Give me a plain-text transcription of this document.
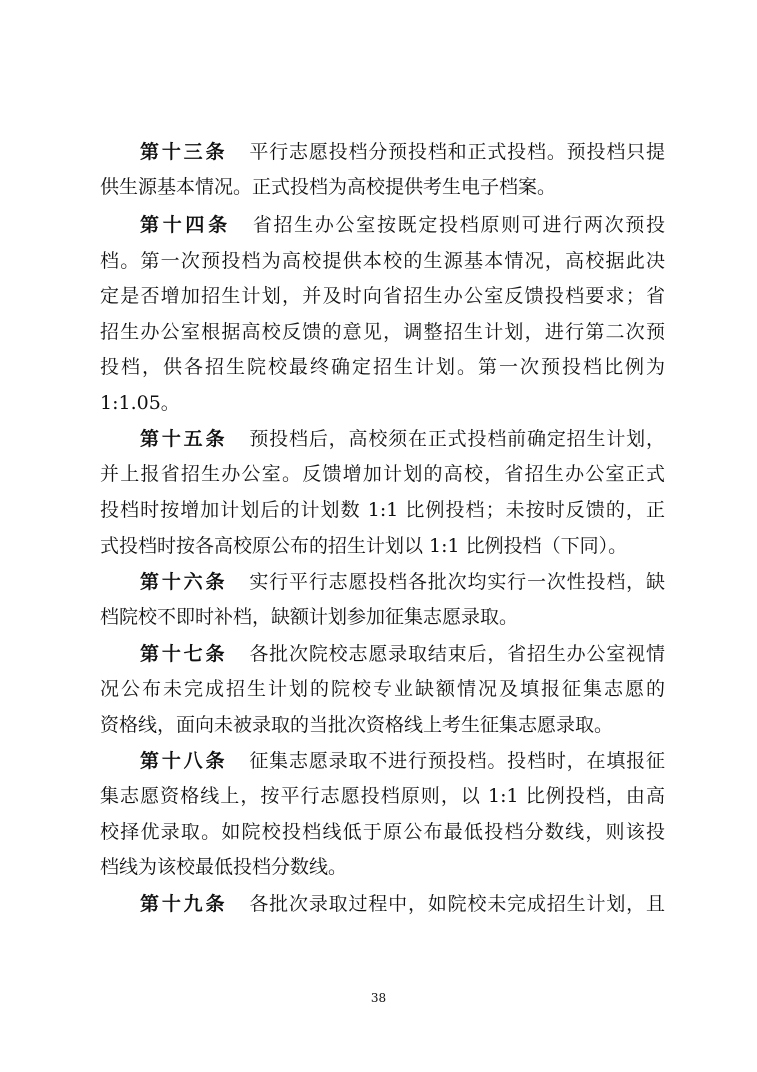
第十三条 平行志愿投档分预投档和正式投档。预投档只提
供生源基本情况。正式投档为高校提供考生电子档案。
第十四条 省招生办公室按既定投档原则可进行两次预投
档。第一次预投档为高校提供本校的生源基本情况，高校据此决
定是否增加招生计划，并及时向省招生办公室反馈投档要求；省
招生办公室根据高校反馈的意见，调整招生计划，进行第二次预
投档，供各招生院校最终确定招生计划。第一次预投档比例为
1:1.05。
第十五条 预投档后，高校须在正式投档前确定招生计划，
并上报省招生办公室。反馈增加计划的高校，省招生办公室正式
投档时按增加计划后的计划数 1:1 比例投档；未按时反馈的，正
式投档时按各高校原公布的招生计划以 1:1 比例投档（下同）。
第十六条 实行平行志愿投档各批次均实行一次性投档，缺
档院校不即时补档，缺额计划参加征集志愿录取。
第十七条 各批次院校志愿录取结束后，省招生办公室视情
况公布未完成招生计划的院校专业缺额情况及填报征集志愿的
资格线，面向未被录取的当批次资格线上考生征集志愿录取。
第十八条 征集志愿录取不进行预投档。投档时，在填报征
集志愿资格线上，按平行志愿投档原则，以 1:1 比例投档，由高
校择优录取。如院校投档线低于原公布最低投档分数线，则该投
档线为该校最低投档分数线。
第十九条 各批次录取过程中，如院校未完成招生计划，且
38
